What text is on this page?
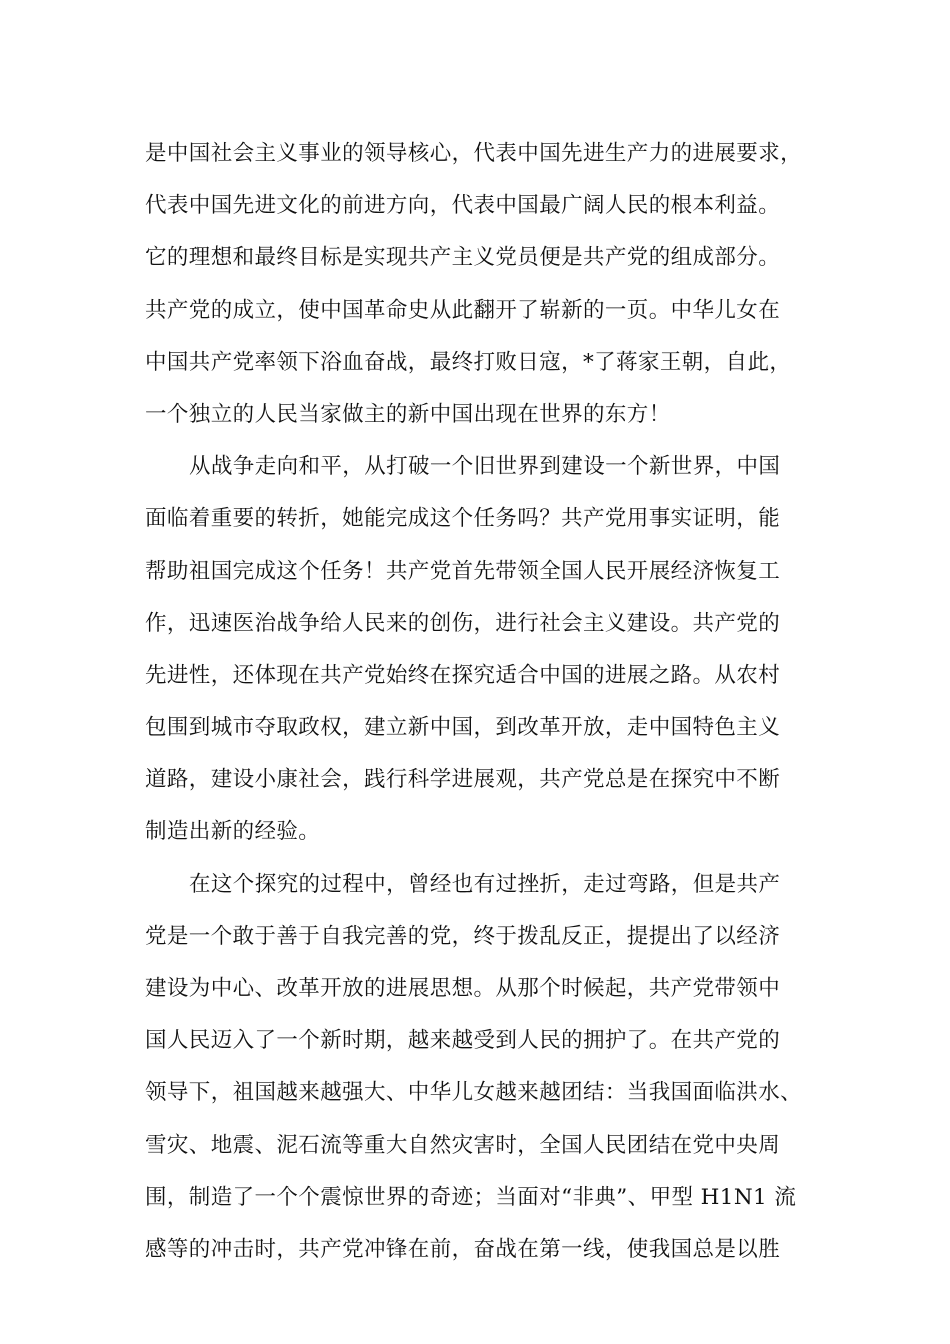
是中国社会主义事业的领导核心，代表中国先进生产力的进展要求，
代表中国先进文化的前进方向，代表中国最广阔人民的根本利益。
它的理想和最终目标是实现共产主义党员便是共产党的组成部分。
共产党的成立，使中国革命史从此翻开了崭新的一页。中华儿女在
中国共产党率领下浴血奋战，最终打败日寇，*了蒋家王朝，自此，
一个独立的人民当家做主的新中国出现在世界的东方！
从战争走向和平，从打破一个旧世界到建设一个新世界，中国
面临着重要的转折，她能完成这个任务吗？共产党用事实证明，能
帮助祖国完成这个任务！共产党首先带领全国人民开展经济恢复工
作，迅速医治战争给人民来的创伤，进行社会主义建设。共产党的
先进性，还体现在共产党始终在探究适合中国的进展之路。从农村
包围到城市夺取政权，建立新中国，到改革开放，走中国特色主义
道路，建设小康社会，践行科学进展观，共产党总是在探究中不断
制造出新的经验。
在这个探究的过程中，曾经也有过挫折，走过弯路，但是共产
党是一个敢于善于自我完善的党，终于拨乱反正，提提出了以经济
建设为中心、改革开放的进展思想。从那个时候起，共产党带领中
国人民迈入了一个新时期，越来越受到人民的拥护了。在共产党的
领导下，祖国越来越强大、中华儿女越来越团结：当我国面临洪水、
雪灾、地震、泥石流等重大自然灾害时，全国人民团结在党中央周
围，制造了一个个震惊世界的奇迹；当面对“非典”、甲型 H1N1 流
感等的冲击时，共产党冲锋在前，奋战在第一线，使我国总是以胜
